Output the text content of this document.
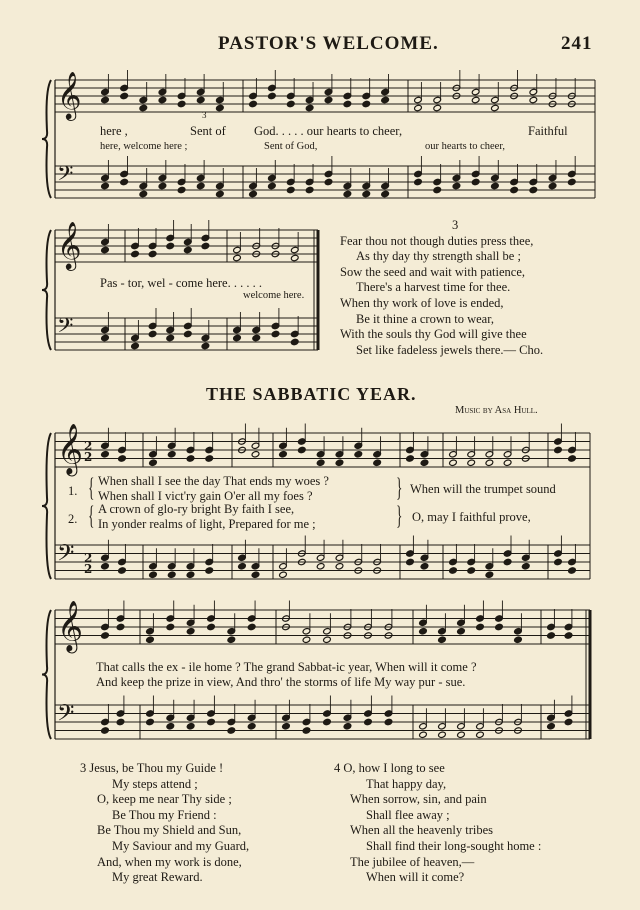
PASTOR'S WELCOME.	241
𝄞
𝄢
𝄞
𝄢
𝄞
𝄢
2
2
2
2
𝄞
𝄢
here ,	Sent of God. . . . . our hearts to cheer,	Faithful
here, welcome here ;	Sent of God,	our hearts to cheer,
3
Pas - tor, wel - come here. . . . . .
welcome here.
3
Fear thou not though duties press thee,
As thy day thy strength shall be ;
Sow the seed and wait with patience,
There's a harvest time for thee.
When thy work of love is ended,
Be it thine a crown to wear,
With the souls thy God will give thee
Set like fadeless jewels there.— Cho.
THE SABBATIC YEAR.
Music by Asa Hull.
1. { When shall I see the day That ends my woes ?
When shall I vict'ry gain O'er all my foes ?	} When will the trumpet sound
2. { A crown of glo-ry bright By faith I see,
In yonder realms of light, Prepared for me ;	} O, may I faithful prove,
That calls the ex - ile home ? The grand Sabbat-ic year, When will it come ?
And keep the prize in view, And thro' the storms of life My way pur - sue.
3 Jesus, be Thou my Guide !
My steps attend ;
O, keep me near Thy side ;
Be Thou my Friend :
Be Thou my Shield and Sun,
My Saviour and my Guard,
And, when my work is done,
My great Reward.
4 O, how I long to see
That happy day,
When sorrow, sin, and pain
Shall flee away ;
When all the heavenly tribes
Shall find their long-sought home :
The jubilee of heaven,—
When will it come?
